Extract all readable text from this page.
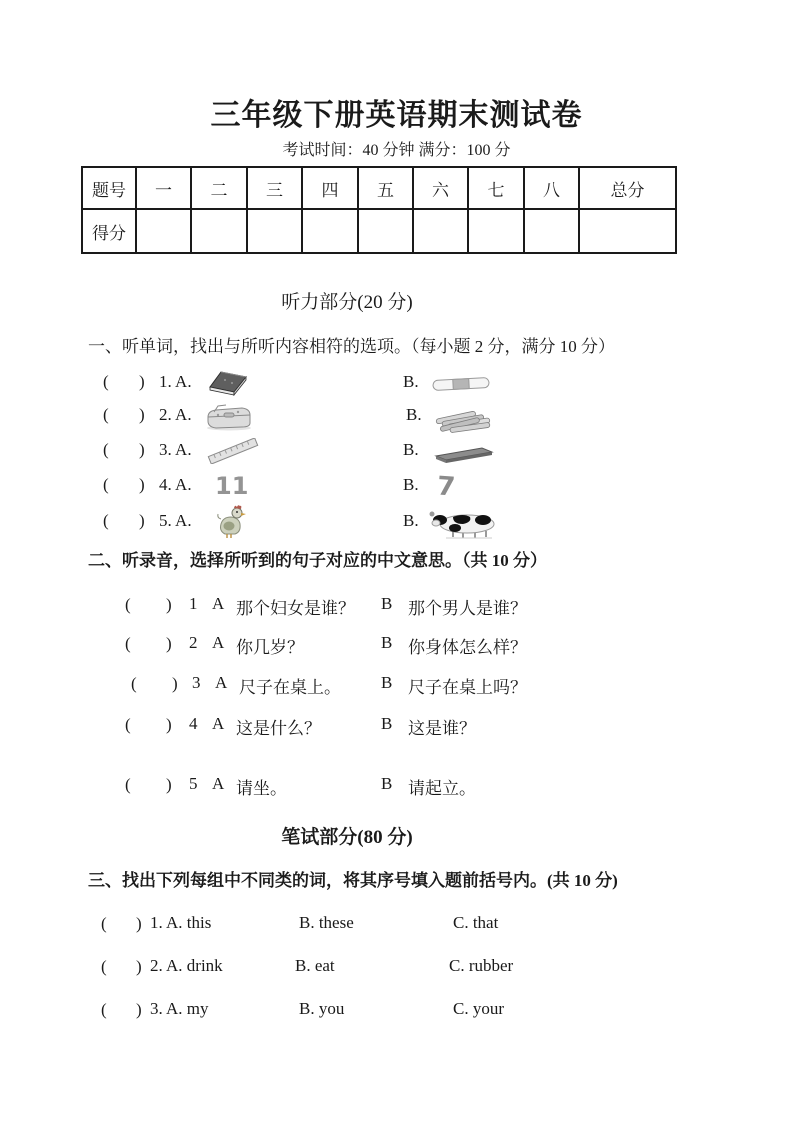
三年级下册英语期末测试卷
考试时间：40 分钟 满分：100 分
题号	一	二	三	四	五	六	七	八	总分
得分									
听力部分(20 分)
一、听单词，找出与所听内容相符的选项。（每小题 2 分，满分 10 分）
( ) 1. A.	B.
( ) 2. A.	B.
( ) 3. A.	B.
( ) 4. A. 11	B. 7
( ) 5. A.	B.
二、听录音，选择所听到的句子对应的中文意思。（共 10 分）
( ) 1 A 那个妇女是谁？ B 那个男人是谁？
( ) 2 A 你几岁？	B 你身体怎么样？
( ) 3 A 尺子在桌上。 B 尺子在桌上吗？
( ) 4 A 这是什么？	B 这是谁？
( ) 5 A 请坐。	B 请起立。
笔试部分(80 分)
三、找出下列每组中不同类的词，将其序号填入题前括号内。(共 10 分)
( ) 1. A. this	B. these	C. that
( ) 2. A. drink	B. eat	C. rubber
( ) 3. A. my	B. you	C. your
